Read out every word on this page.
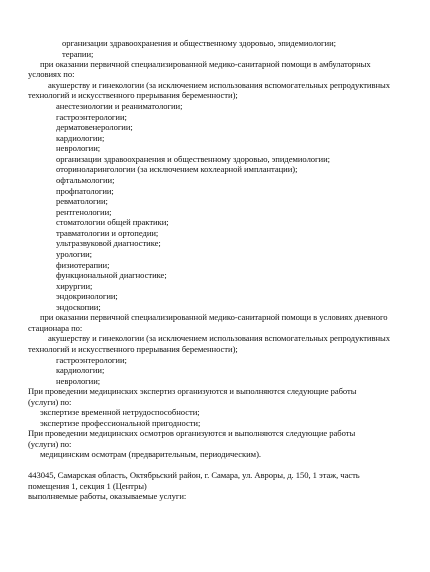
организации здравоохранения и общественному здоровью, эпидемиологии;
терапии;
при оказании первичной специализированной медико-санитарной помощи в амбулаторных
условиях по:
акушерству и гинекологии (за исключением использования вспомогательных репродуктивных
технологий и искусственного прерывания беременности);
анестезиологии и реаниматологии;
гастроэнтерологии;
дерматовенерологии;
кардиологии;
неврологии;
организации здравоохранения и общественному здоровью, эпидемиологии;
оториноларингологии (за исключением кохлеарной имплантации);
офтальмологии;
профпатологии;
ревматологии;
рентгенологии;
стоматологии общей практики;
травматологии и ортопедии;
ультразвуковой диагностике;
урологии;
физиотерапии;
функциональной диагностике;
хирургии;
эндокринологии;
эндоскопии;
при оказании первичной специализированной медико-санитарной помощи в условиях дневного
стационара по:
акушерству и гинекологии (за исключением использования вспомогательных репродуктивных
технологий и искусственного прерывания беременности);
гастроэнтерологии;
кардиологии;
неврологии;
При проведении медицинских экспертиз организуются и выполняются следующие работы
(услуги) по:
экспертизе временной нетрудоспособности;
экспертизе профессиональной пригодности;
При проведении медицинских осмотров организуются и выполняются следующие работы
(услуги) по:
медицинским осмотрам (предварительным, периодическим).
443045, Самарская область, Октябрьский район, г. Самара, ул. Авроры, д. 150, 1 этаж, часть
помещения 1, секция 1 (Центры)
выполняемые работы, оказываемые услуги:
